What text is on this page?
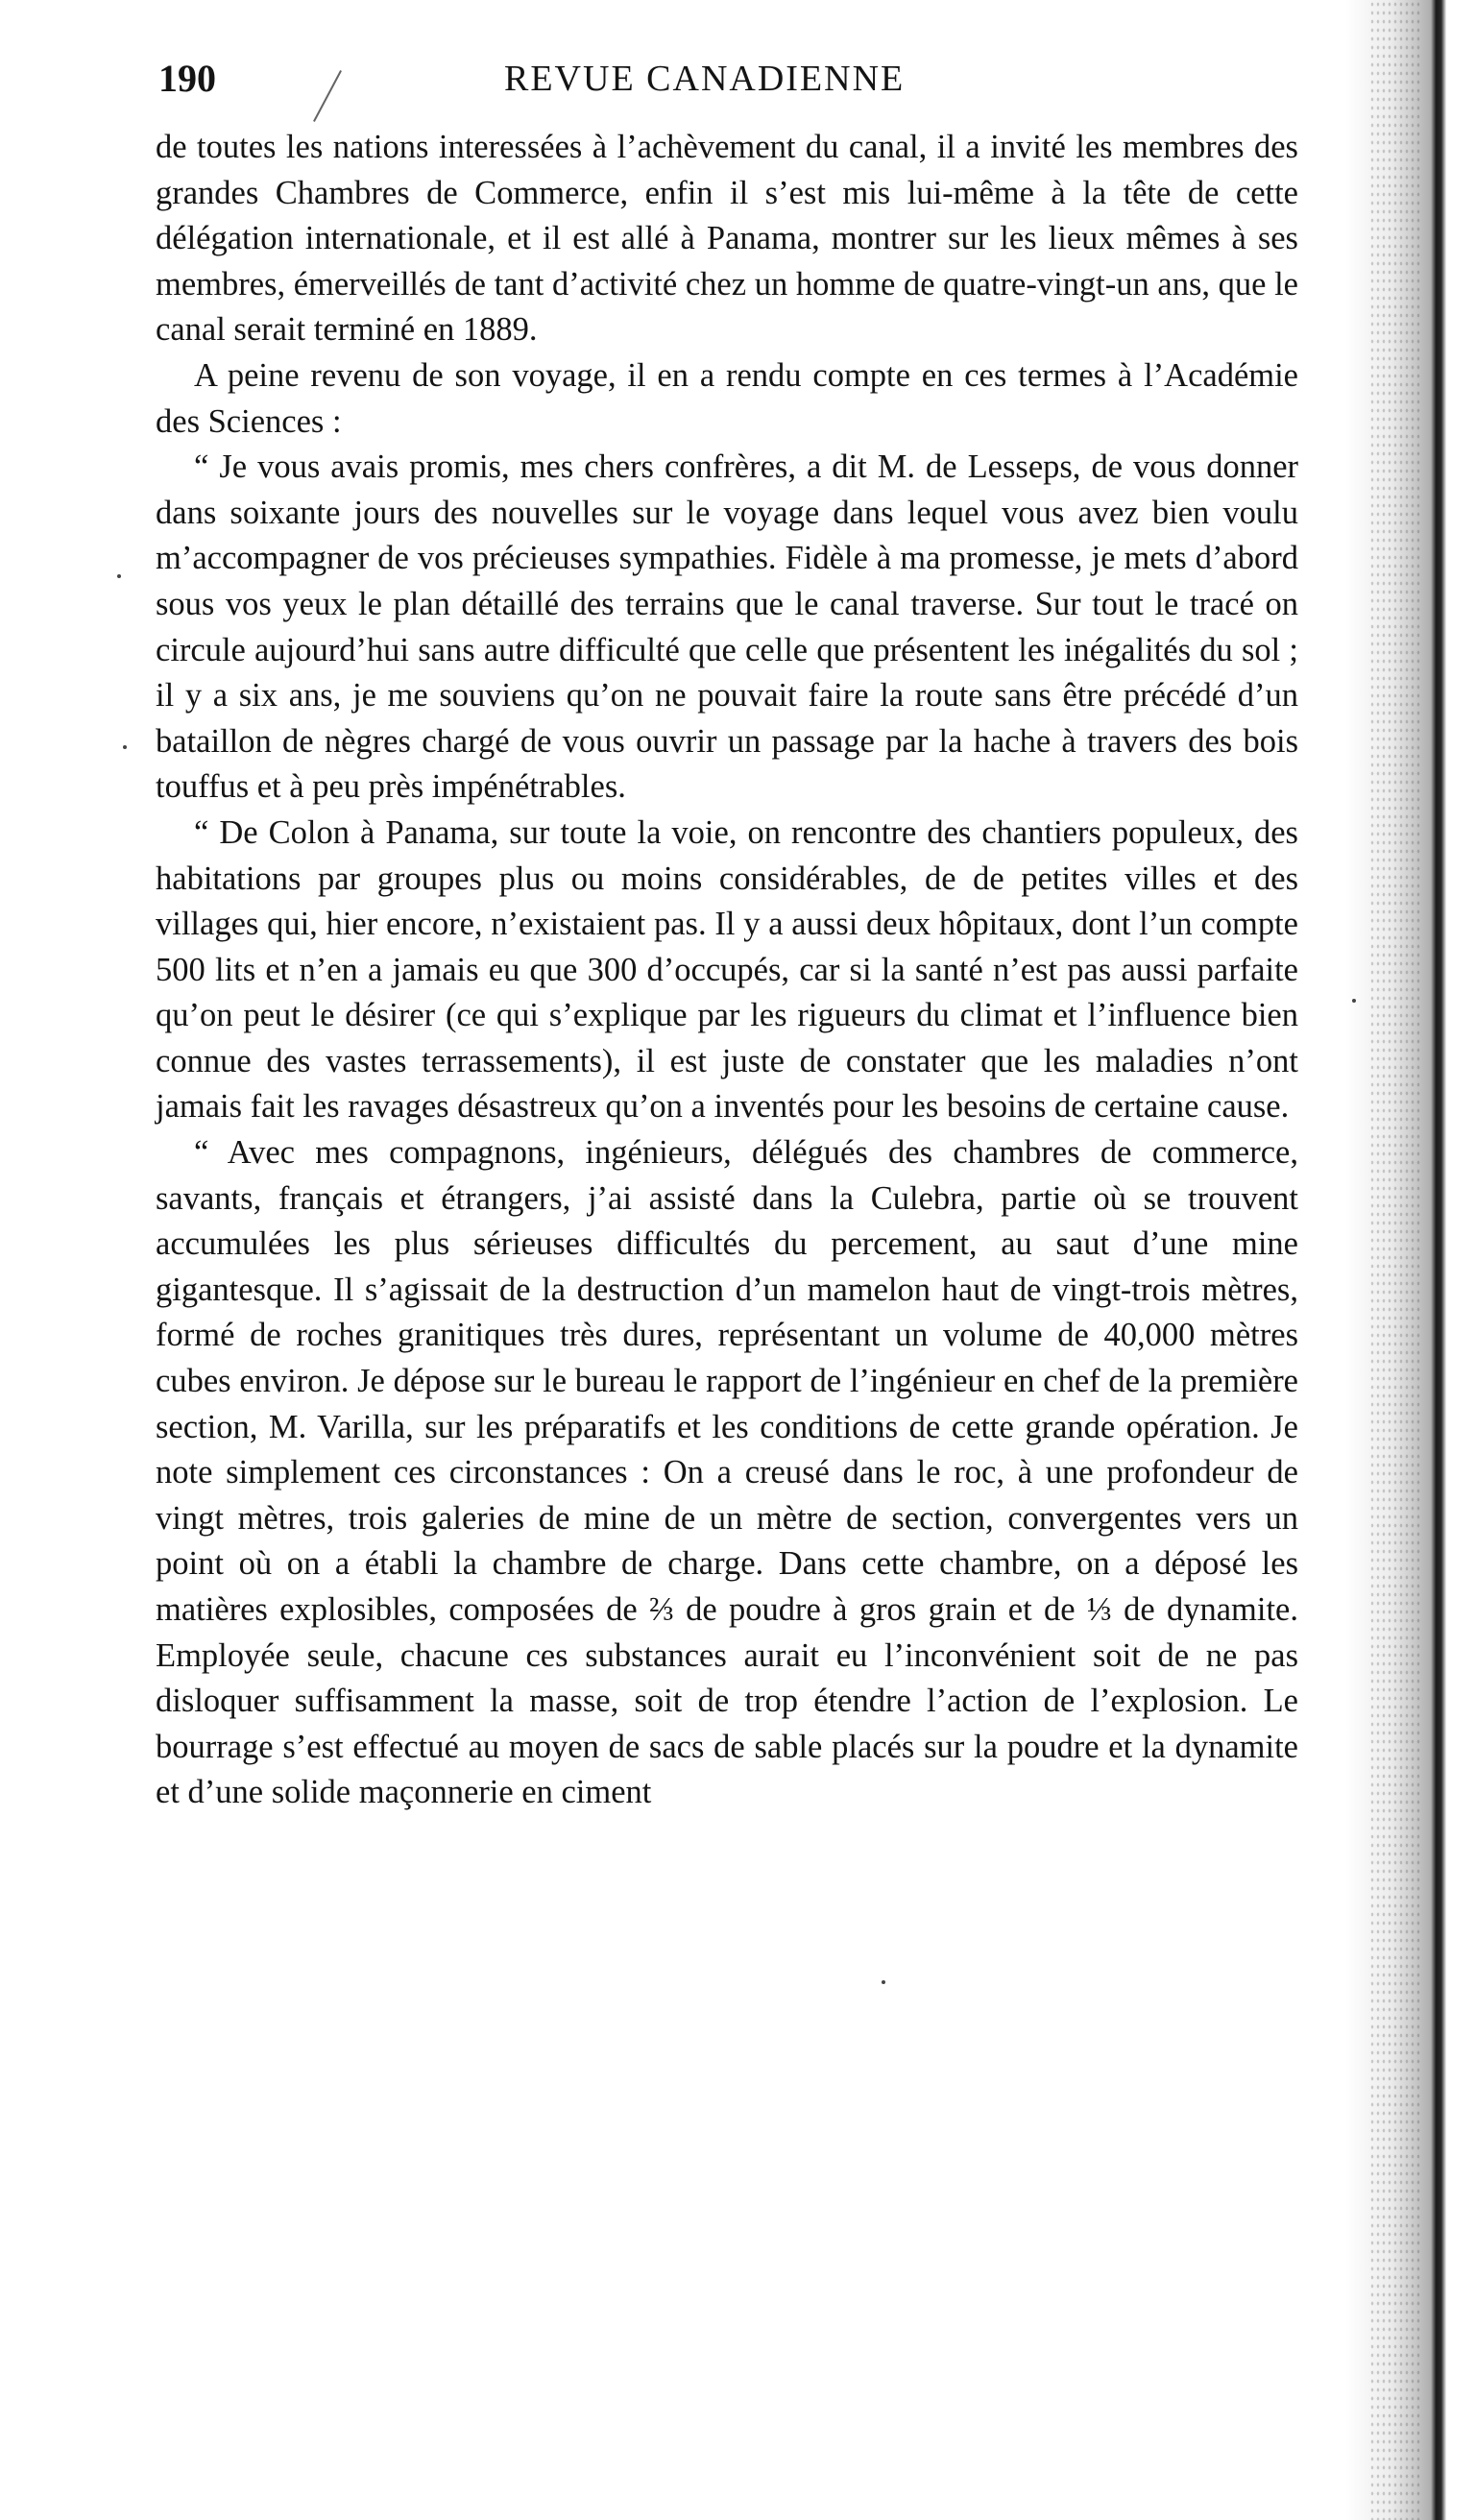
190	REVUE CANADIENNE

de toutes les nations interessées à l’achèvement du canal, il a invité les membres des grandes Chambres de Commerce, enfin il s’est mis lui-même à la tête de cette délégation internationale, et il est allé à Panama, montrer sur les lieux mêmes à ses membres, émerveillés de tant d’activité chez un homme de quatre-vingt-un ans, que le canal serait terminé en 1889.

A peine revenu de son voyage, il en a rendu compte en ces termes à l’Académie des Sciences :

“ Je vous avais promis, mes chers confrères, a dit M. de Lesseps, de vous donner dans soixante jours des nouvelles sur le voyage dans lequel vous avez bien voulu m’accompagner de vos précieuses sympathies. Fidèle à ma promesse, je mets d’abord sous vos yeux le plan détaillé des terrains que le canal traverse. Sur tout le tracé on circule aujourd’hui sans autre difficulté que celle que présentent les inégalités du sol ; il y a six ans, je me souviens qu’on ne pouvait faire la route sans être précédé d’un bataillon de nègres chargé de vous ouvrir un passage par la hache à travers des bois touffus et à peu près impénétrables.

“ De Colon à Panama, sur toute la voie, on rencontre des chantiers populeux, des habitations par groupes plus ou moins considérables, de de petites villes et des villages qui, hier encore, n’existaient pas. Il y a aussi deux hôpitaux, dont l’un compte 500 lits et n’en a jamais eu que 300 d’occupés, car si la santé n’est pas aussi parfaite qu’on peut le désirer (ce qui s’explique par les rigueurs du climat et l’influence bien connue des vastes terrassements), il est juste de constater que les maladies n’ont jamais fait les ravages désastreux qu’on a inventés pour les besoins de certaine cause.

“ Avec mes compagnons, ingénieurs, délégués des chambres de commerce, savants, français et étrangers, j’ai assisté dans la Culebra, partie où se trouvent accumulées les plus sérieuses difficultés du percement, au saut d’une mine gigantesque. Il s’agissait de la destruction d’un mamelon haut de vingt-trois mètres, formé de roches granitiques très dures, représentant un volume de 40,000 mètres cubes environ. Je dépose sur le bureau le rapport de l’ingénieur en chef de la première section, M. Varilla, sur les préparatifs et les conditions de cette grande opération. Je note simplement ces circonstances : On a creusé dans le roc, à une profondeur de vingt mètres, trois galeries de mine de un mètre de section, convergentes vers un point où on a établi la chambre de charge. Dans cette chambre, on a déposé les matières explosibles, composées de ⅔ de poudre à gros grain et de ⅓ de dynamite. Employée seule, chacune ces substances aurait eu l’inconvénient soit de ne pas disloquer suffisamment la masse, soit de trop étendre l’action de l’explosion. Le bourrage s’est effectué au moyen de sacs de sable placés sur la poudre et la dynamite et d’une solide maçonnerie en ciment
